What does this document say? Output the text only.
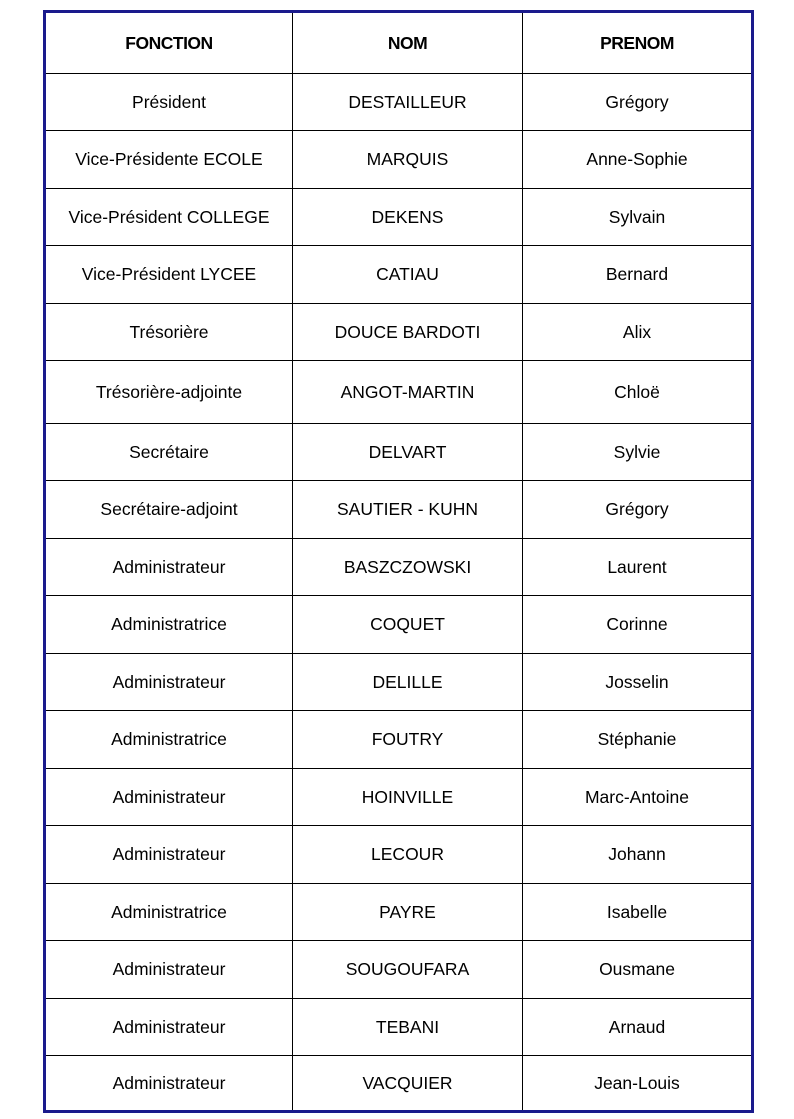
FONCTION	NOM	PRENOM
Président	DESTAILLEUR	Grégory
Vice-Présidente ECOLE	MARQUIS	Anne-Sophie
Vice-Président COLLEGE	DEKENS	Sylvain
Vice-Président LYCEE	CATIAU	Bernard
Trésorière	DOUCE BARDOTI	Alix
Trésorière-adjointe	ANGOT-MARTIN	Chloë
Secrétaire	DELVART	Sylvie
Secrétaire-adjoint	SAUTIER - KUHN	Grégory
Administrateur	BASZCZOWSKI	Laurent
Administratrice	COQUET	Corinne
Administrateur	DELILLE	Josselin
Administratrice	FOUTRY	Stéphanie
Administrateur	HOINVILLE	Marc-Antoine
Administrateur	LECOUR	Johann
Administratrice	PAYRE	Isabelle
Administrateur	SOUGOUFARA	Ousmane
Administrateur	TEBANI	Arnaud
Administrateur	VACQUIER	Jean-Louis
